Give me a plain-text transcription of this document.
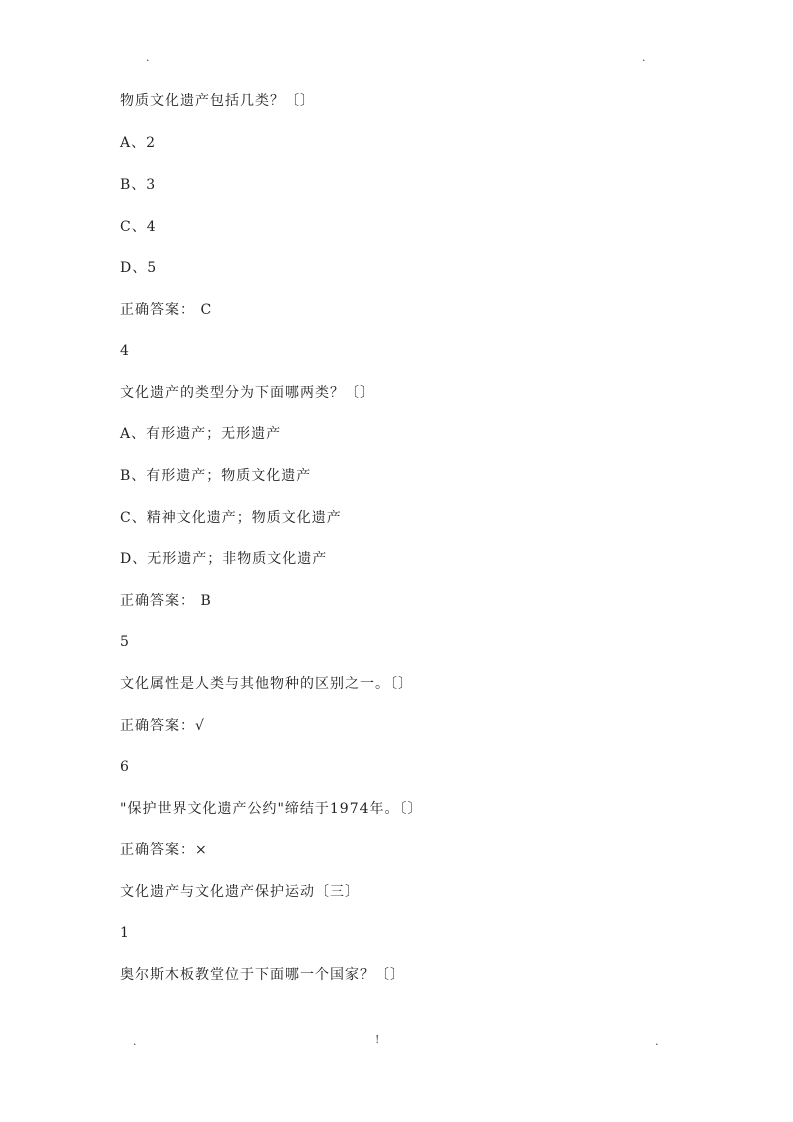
.	.
物质文化遗产包括几类？〔〕
A、2
B、3
C、4
D、5
正确答案： C
4
文化遗产的类型分为下面哪两类？〔〕
A、有形遗产；无形遗产
B、有形遗产；物质文化遗产
C、精神文化遗产；物质文化遗产
D、无形遗产；非物质文化遗产
正确答案： B
5
文化属性是人类与其他物种的区别之一。〔〕
正确答案：√
6
"保护世界文化遗产公约"缔结于1974年。〔〕
正确答案：×
文化遗产与文化遗产保护运动〔三〕
1
奥尔斯木板教堂位于下面哪一个国家？〔〕
.	!	.
